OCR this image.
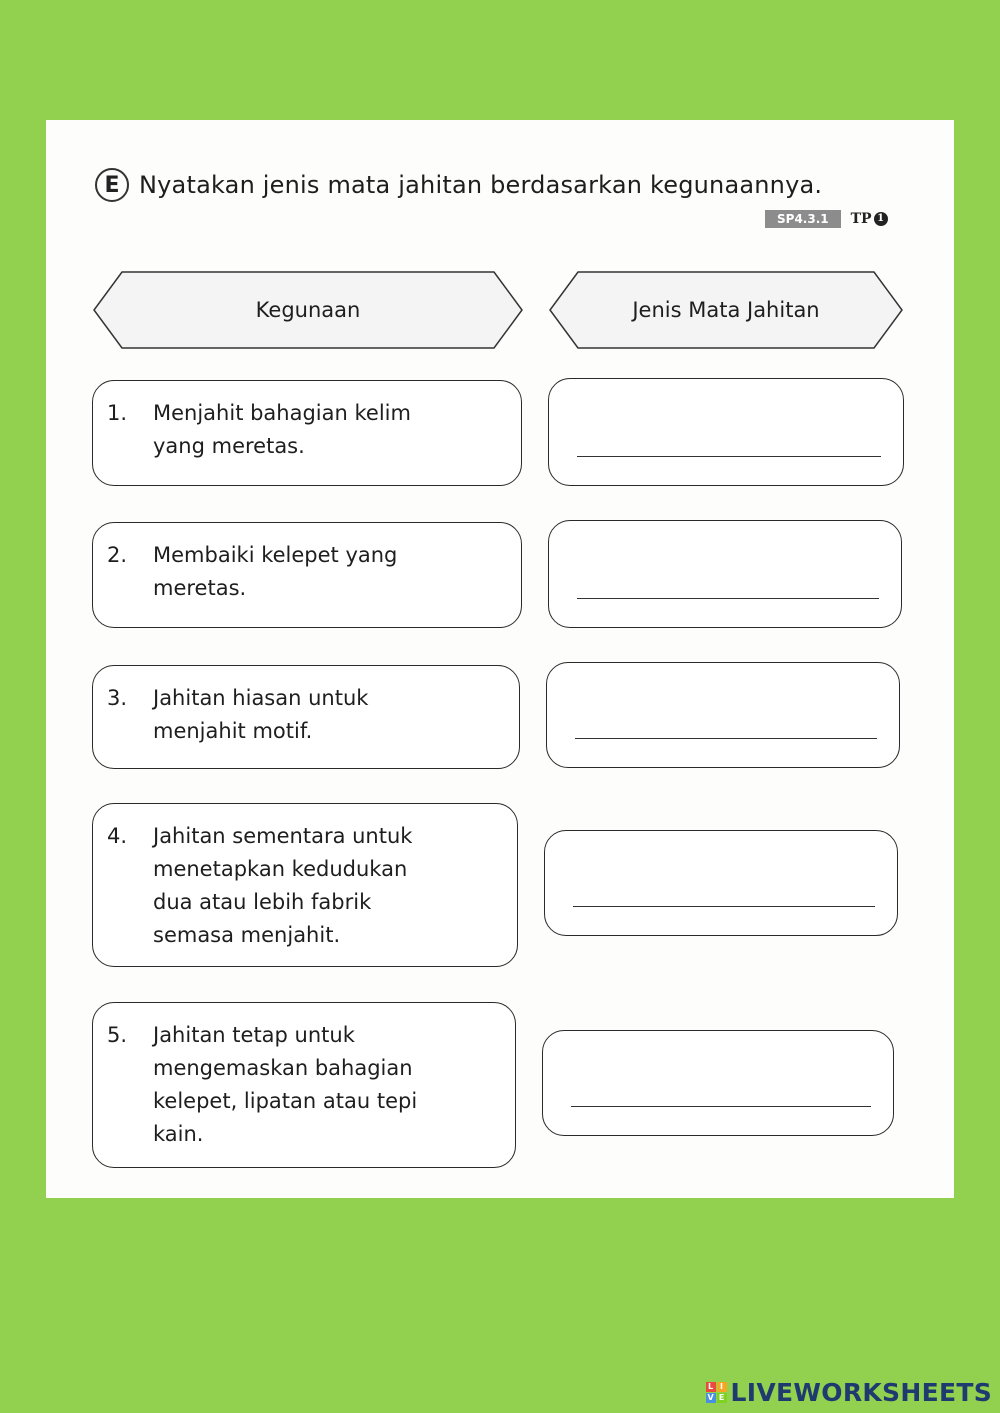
E Nyatakan jenis mata jahitan berdasarkan kegunaannya.
SP4.3.1	TP 1
Kegunaan	Jenis Mata Jahitan
1.	Menjahit bahagian kelim
yang meretas.
2.	Membaiki kelepet yang
meretas.
3.	Jahitan hiasan untuk
menjahit motif.
4.	Jahitan sementara untuk
menetapkan kedudukan
dua atau lebih fabrik
semasa menjahit.
5.	Jahitan tetap untuk
mengemaskan bahagian
kelepet, lipatan atau tepi
kain.
L I
V E LIVEWORKSHEETS
